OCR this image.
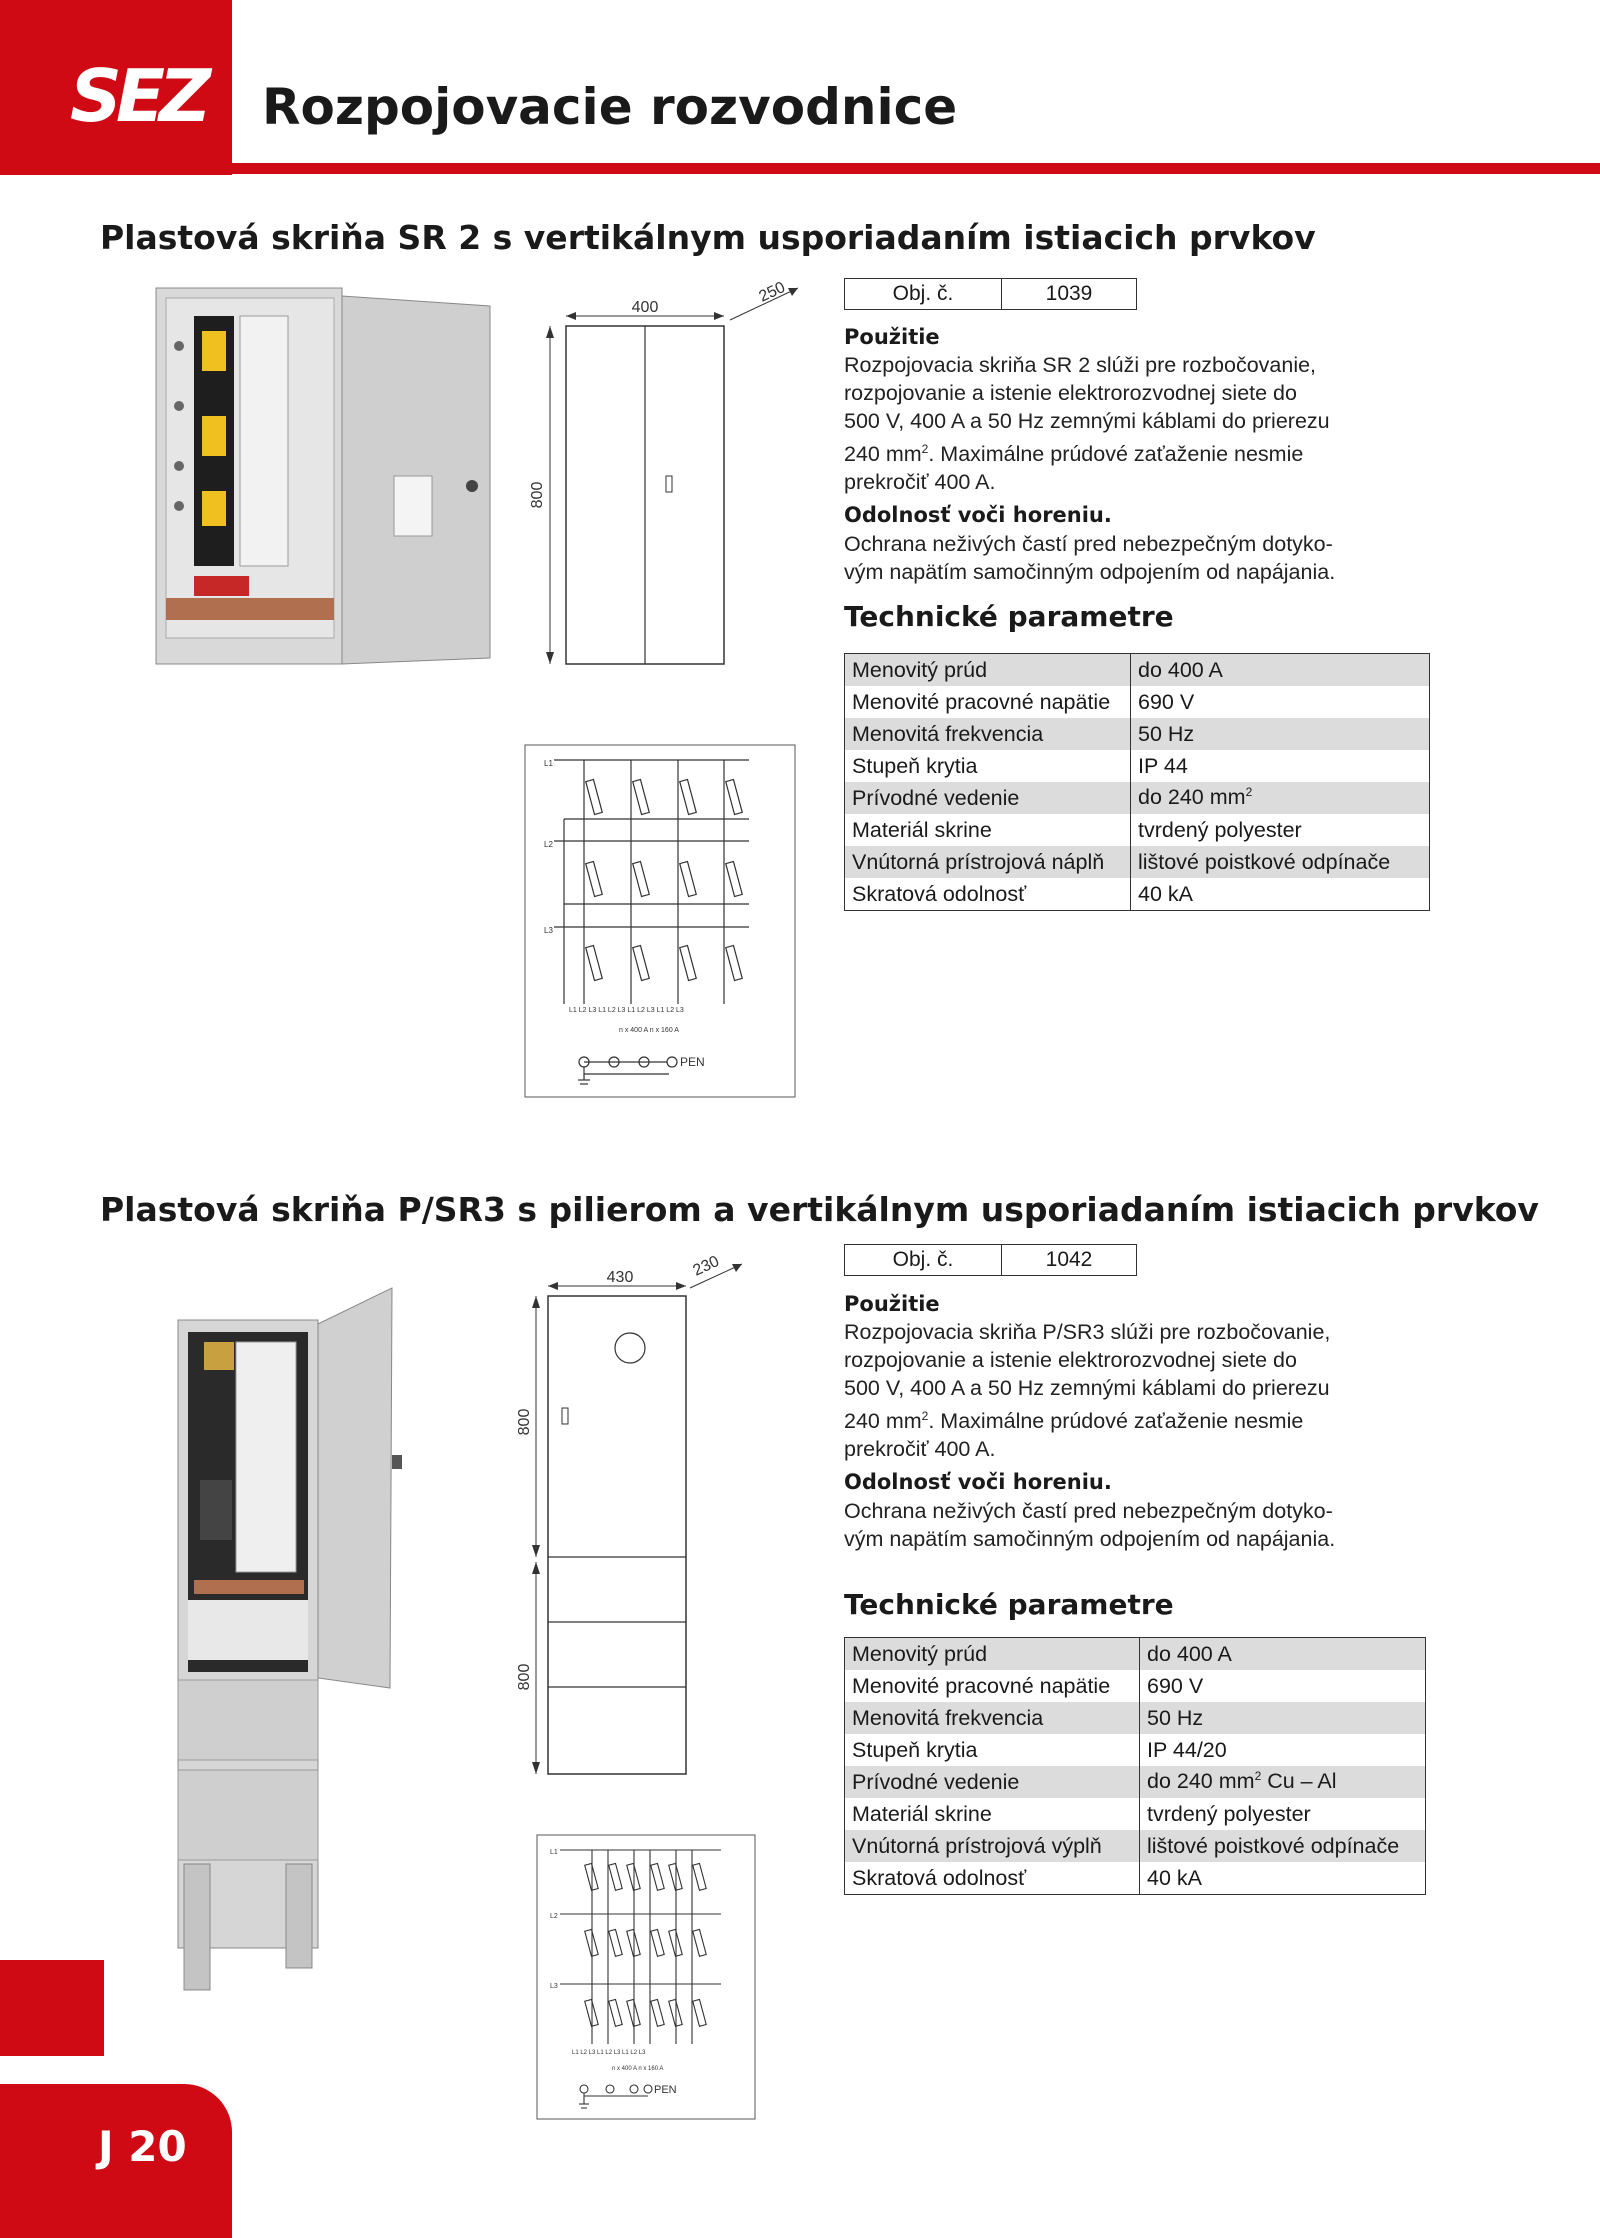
SEZ Rozpojovacie rozvodnice
Plastová skriňa SR 2 s vertikálnym usporiadaním istiacich prvkov
400
250
800
L1
L2
L3
L1 L2 L3 L1 L2 L3 L1 L2 L3 L1 L2 L3
n x 400 A n x 160 A
PEN
Obj. č.	1039
Použitie
Rozpojovacia skriňa SR 2 slúži pre rozbočovanie,
rozpojovanie a istenie elektrorozvodnej siete do
500 V, 400 A a 50 Hz zemnými káblami do prierezu
240 $mm^2$. Maximálne prúdové zaťaženie nesmie
prekročiť 400 A.
Odolnosť voči horeniu.
Ochrana neživých častí pred nebezpečným dotyko-
vým napätím samočinným odpojením od napájania.
Technické parametre
Menovitý prúd	do 400 A
Menovité pracovné napätie	690 V
Menovitá frekvencia	50 Hz
Stupeň krytia	IP 44
Prívodné vedenie	do 240 $mm^2$
Materiál skrine	tvrdený polyester
Vnútorná prístrojová náplň	lištové poistkové odpínače
Skratová odolnosť	40 kA
Plastová skriňa P/SR3 s pilierom a vertikálnym usporiadaním istiacich prvkov
430	230
800
800
L1
L2
L3
L1 L2 L3 L1 L2 L3 L1 L2 L3
n x 400 A n x 160 A
PEN
Obj. č.	1042
Použitie
Rozpojovacia skriňa P/SR3 slúži pre rozbočovanie,
rozpojovanie a istenie elektrorozvodnej siete do
500 V, 400 A a 50 Hz zemnými káblami do prierezu
240 $mm^2$. Maximálne prúdové zaťaženie nesmie
prekročiť 400 A.
Odolnosť voči horeniu.
Ochrana neživých častí pred nebezpečným dotyko-
vým napätím samočinným odpojením od napájania.
Technické parametre
Menovitý prúd	do 400 A
Menovité pracovné napätie	690 V
Menovitá frekvencia	50 Hz
Stupeň krytia	IP 44/20
Prívodné vedenie	do 240 $mm^2$ Cu – Al
Materiál skrine	tvrdený polyester
Vnútorná prístrojová výplň	lištové poistkové odpínače
Skratová odolnosť	40 kA
J 20
